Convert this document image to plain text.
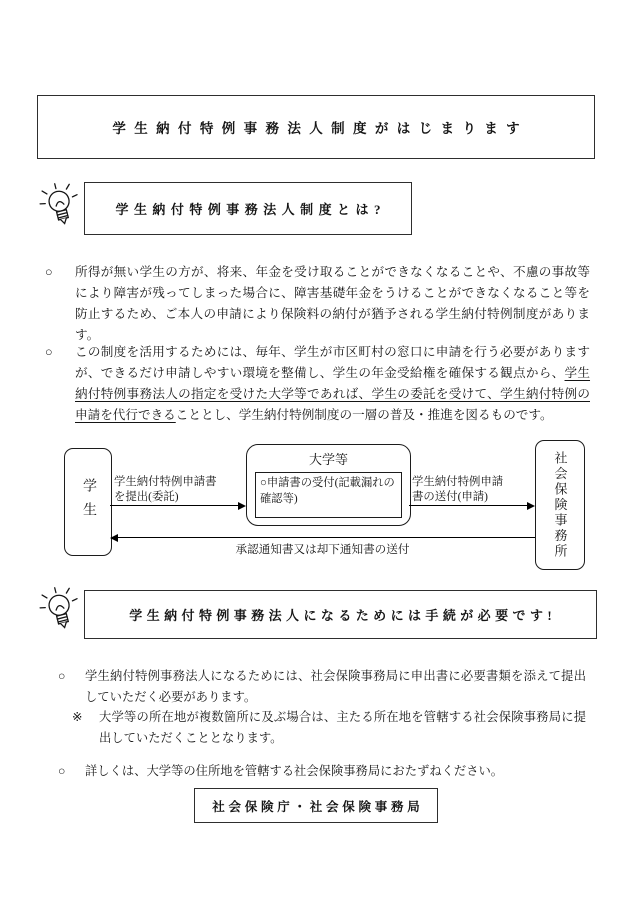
学生納付特例事務法人制度がはじまります
学生納付特例事務法人制度とは?
○	所得が無い学生の方が、将来、年金を受け取ることができなくなることや、不慮の事故等により障害が残ってしまった場合に、障害基礎年金をうけることができなくなること等を防止するため、ご本人の申請により保険料の納付が猶予される学生納付特例制度があります。
○	この制度を活用するためには、毎年、学生が市区町村の窓口に申請を行う必要がありますが、できるだけ申請しやすい環境を整備し、学生の年金受給権を確保する観点から、学生納付特例事務法人の指定を受けた大学等であれば、学生の委託を受けて、学生納付特例の申請を代行できることとし、学生納付特例制度の一層の普及・推進を図るものです。
学生
大学等
○申請書の受付(記載漏れの確認等)	社会保険事務所
学生納付特例申請書
を提出(委託)
学生納付特例申請
書の送付(申請)
承認通知書又は却下通知書の送付
学生納付特例事務法人になるためには手続が必要です!
○	学生納付特例事務法人になるためには、社会保険事務局に申出書に必要書類を添えて提出していただく必要があります。
※	大学等の所在地が複数箇所に及ぶ場合は、主たる所在地を管轄する社会保険事務局に提出していただくこととなります。
○	詳しくは、大学等の住所地を管轄する社会保険事務局におたずねください。
社会保険庁・社会保険事務局
